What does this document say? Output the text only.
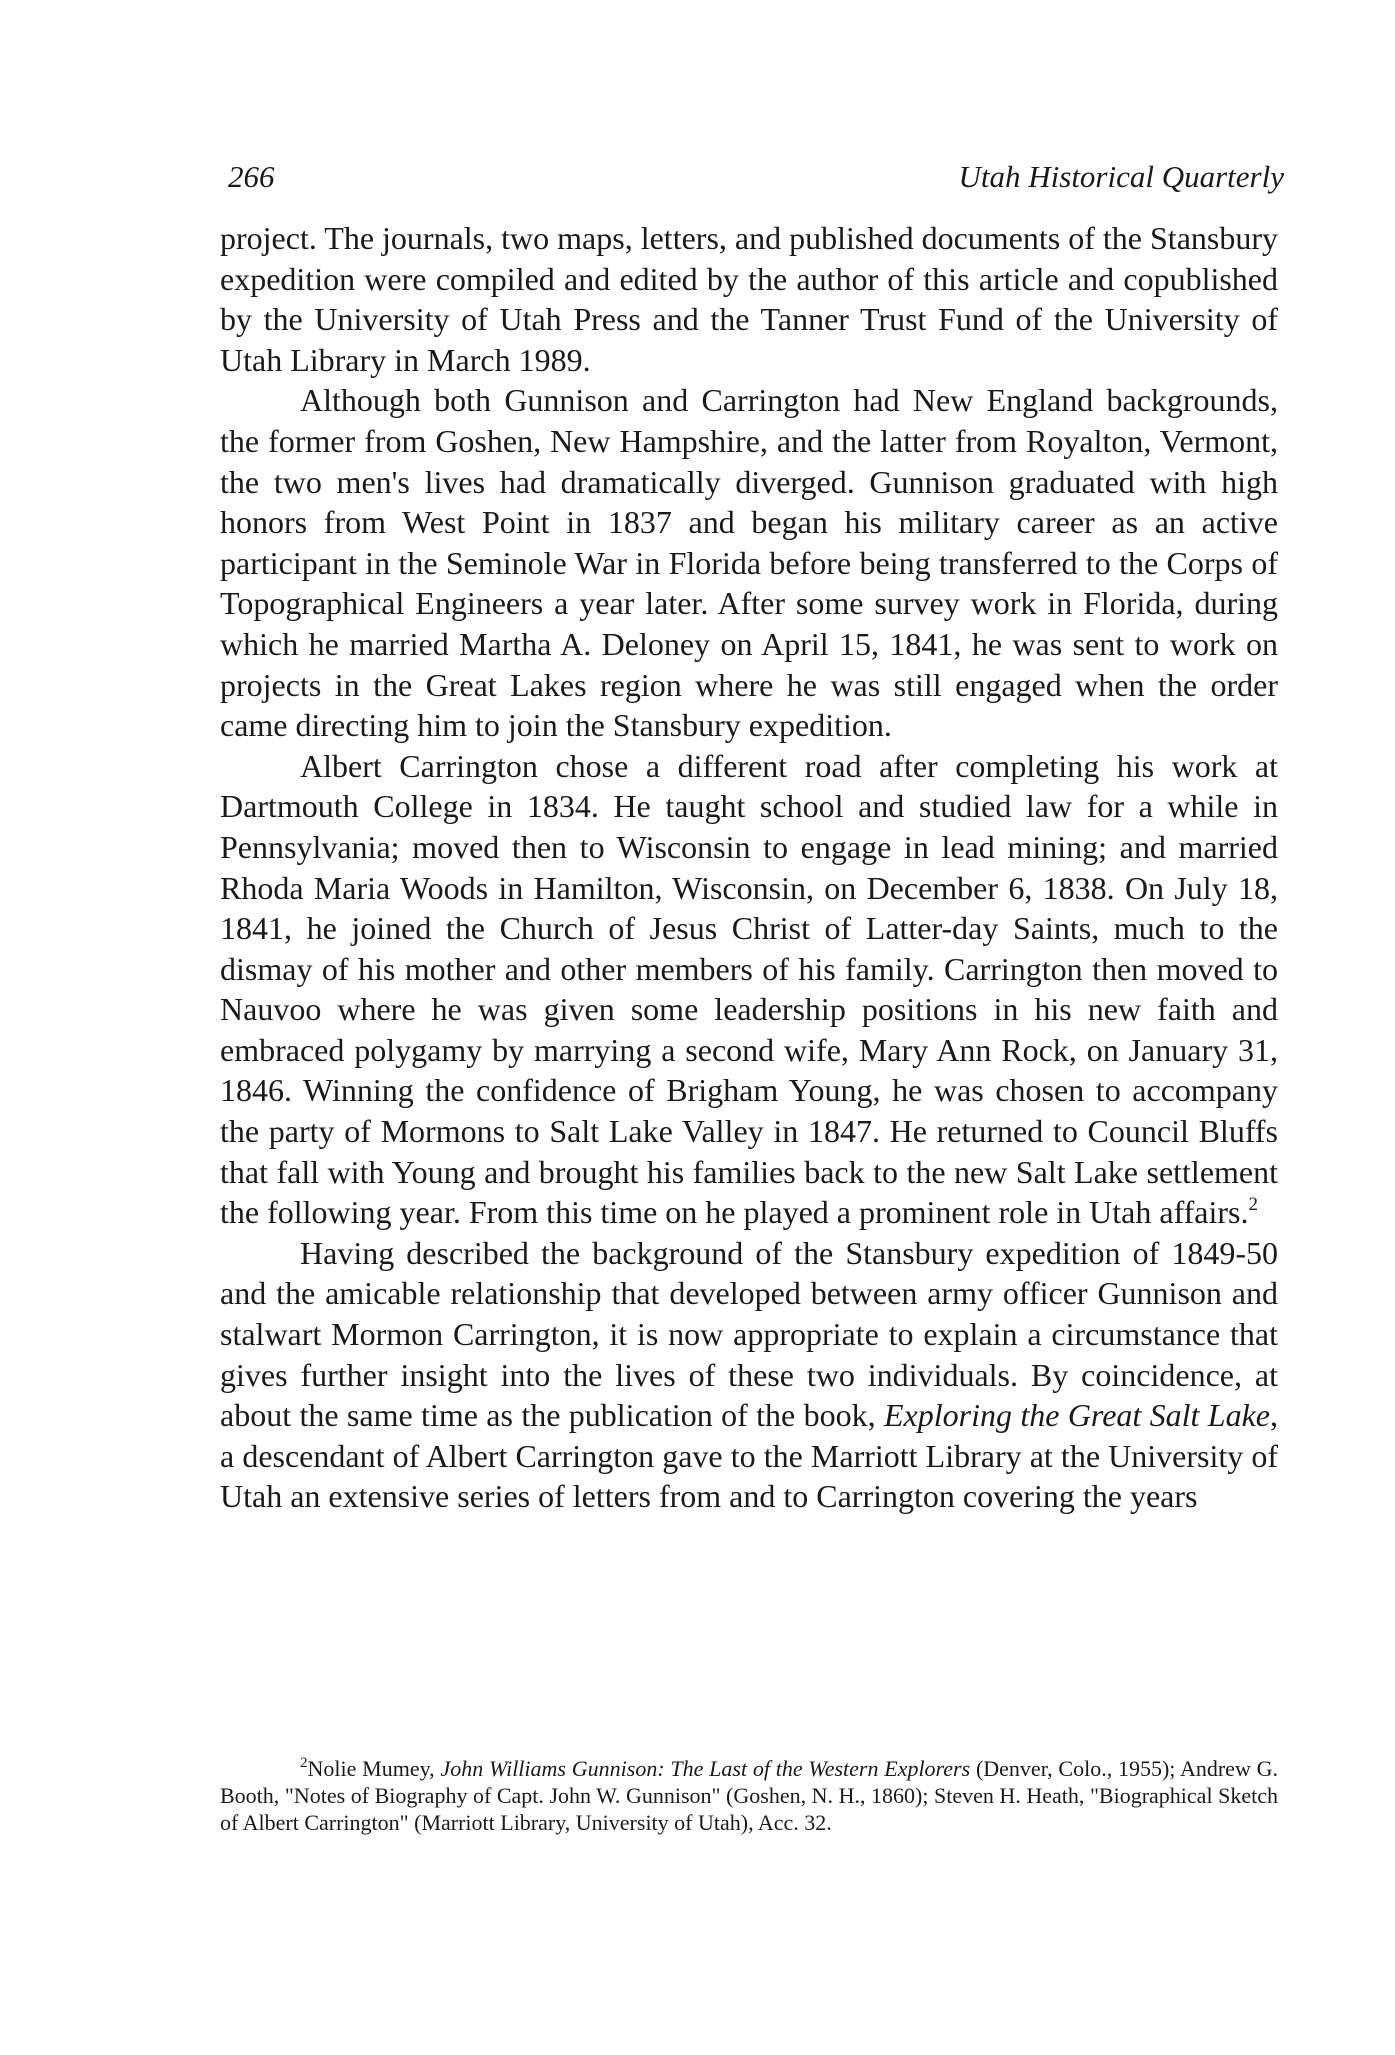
266	Utah Historical Quarterly

project. The journals, two maps, letters, and published documents of the Stansbury expedition were compiled and edited by the author of this article and copublished by the University of Utah Press and the Tanner Trust Fund of the University of Utah Library in March 1989.

Although both Gunnison and Carrington had New England backgrounds, the former from Goshen, New Hampshire, and the latter from Royalton, Vermont, the two men's lives had dramatically diverged. Gunnison graduated with high honors from West Point in 1837 and began his military career as an active participant in the Seminole War in Florida before being transferred to the Corps of Topographical Engineers a year later. After some survey work in Florida, during which he married Martha A. Deloney on April 15, 1841, he was sent to work on projects in the Great Lakes region where he was still engaged when the order came directing him to join the Stansbury expedition.

Albert Carrington chose a different road after completing his work at Dartmouth College in 1834. He taught school and studied law for a while in Pennsylvania; moved then to Wisconsin to engage in lead mining; and married Rhoda Maria Woods in Hamilton, Wisconsin, on December 6, 1838. On July 18, 1841, he joined the Church of Jesus Christ of Latter-day Saints, much to the dismay of his mother and other members of his family. Carrington then moved to Nauvoo where he was given some leadership positions in his new faith and embraced polygamy by marrying a second wife, Mary Ann Rock, on January 31, 1846. Winning the confidence of Brigham Young, he was chosen to accompany the party of Mormons to Salt Lake Valley in 1847. He returned to Council Bluffs that fall with Young and brought his families back to the new Salt Lake settlement the following year. From this time on he played a prominent role in Utah affairs.$^2$

Having described the background of the Stansbury expedition of 1849-50 and the amicable relationship that developed between army officer Gunnison and stalwart Mormon Carrington, it is now appropriate to explain a circumstance that gives further insight into the lives of these two individuals. By coincidence, at about the same time as the publication of the book, Exploring the Great Salt Lake, a descendant of Albert Carrington gave to the Marriott Library at the University of Utah an extensive series of letters from and to Carrington covering the years

$^2$Nolie Mumey, John Williams Gunnison: The Last of the Western Explorers (Denver, Colo., 1955); Andrew G. Booth, "Notes of Biography of Capt. John W. Gunnison" (Goshen, N. H., 1860); Steven H. Heath, "Biographical Sketch of Albert Carrington" (Marriott Library, University of Utah), Acc. 32.
